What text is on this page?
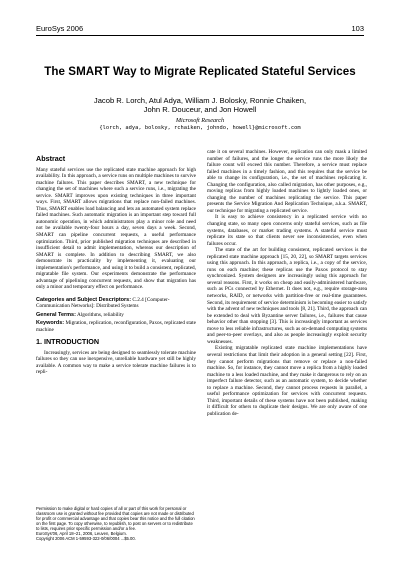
EuroSys 2006	103
The SMART Way to Migrate Replicated Stateful Services
Jacob R. Lorch, Atul Adya, William J. Bolosky, Ronnie Chaiken,
John R. Douceur, and Jon Howell
Microsoft Research
{lorch, adya, bolosky, rchaiken, johndo, howell}@microsoft.com
Abstract

Many stateful services use the replicated state machine approach for high availability. In this approach, a service runs on multiple machines to survive machine failures. This paper describes SMART, a new technique for changing the set of machines where such a service runs, i.e., migrating the service. SMART improves upon existing techniques in three important ways. First, SMART allows migrations that replace non-failed machines. Thus, SMART enables load balancing and lets an automated system replace failed machines. Such automatic migration is an important step toward full autonomic operation, in which administrators play a minor role and need not be available twenty-four hours a day, seven days a week. Second, SMART can pipeline concurrent requests, a useful performance optimization. Third, prior published migration techniques are described in insufficient detail to admit implementation, whereas our description of SMART is complete. In addition to describing SMART, we also demonstrate its practicality by implementing it, evaluating our implementation's performance, and using it to build a consistent, replicated, migratable file system. Our experiments demonstrate the performance advantage of pipelining concurrent requests, and show that migration has only a minor and temporary effect on performance.

Categories and Subject Descriptors: C.2.4 [Computer-Communication Networks]: Distributed Systems
General Terms: Algorithms, reliability
Keywords: Migration, replication, reconfiguration, Paxos, replicated state machine
1. INTRODUCTION

Increasingly, services are being designed to seamlessly tolerate machine failures so they can use inexpensive, unreliable hardware yet still be highly available. A common way to make a service tolerate machine failures is to repli-

Permission to make digital or hard copies of all or part of this work for personal or classroom use is granted without fee provided that copies are not made or distributed for profit or commercial advantage and that copies bear this notice and the full citation on the first page. To copy otherwise, to republish, to post on servers or to redistribute to lists, requires prior specific permission and/or a fee.
EuroSys'06, April 18–21, 2006, Leuven, Belgium.
Copyright 2006 ACM 1-59593-322-0/06/0004 ...$5.00.

cate it on several machines. However, replication can only mask a limited number of failures, and the longer the service runs the more likely the failure count will exceed this number. Therefore, a service must replace failed machines in a timely fashion, and this requires that the service be able to change its configuration, i.e., the set of machines replicating it. Changing the configuration, also called migration, has other purposes, e.g., moving replicas from highly loaded machines to lightly loaded ones, or changing the number of machines replicating the service. This paper presents the Service Migration And Replication Technique, a.k.a. SMART, our technique for migrating a replicated service.

It is easy to achieve consistency in a replicated service with no changing state, so many open concerns only stateful services, such as file systems, databases, or market trading systems. A stateful service must replicate its state so that clients never see inconsistencies, even when failures occur.

The state of the art for building consistent, replicated services is the replicated state machine approach [15, 20, 22], so SMART targets services using this approach. In this approach, a replica, i.e., a copy of the service, runs on each machine; these replicas use the Paxos protocol to stay synchronized. System designers are increasingly using this approach for several reasons. First, it works on cheap and easily-administered hardware, such as PCs connected by Ethernet. It does not, e.g., require storage-area networks, RAID, or networks with partition-free or real-time guarantees. Second, its requirement of service determinism is becoming easier to satisfy with the advent of new techniques and tools [8, 21]. Third, the approach can be extended to deal with Byzantine server failures, i.e., failures that cause behavior other than stopping [3]. This is increasingly important as services move to less reliable infrastructures, such as on-demand computing systems and peer-to-peer overlays, and also as people increasingly exploit security weaknesses.

Existing migratable replicated state machine implementations have several restrictions that limit their adoption in a general setting [22]. First, they cannot perform migrations that remove or replace a non-failed machine. So, for instance, they cannot move a replica from a highly loaded machine to a less loaded machine, and they make it dangerous to rely on an imperfect failure detector, such as an automatic system, to decide whether to replace a machine. Second, they cannot process requests in parallel, a useful performance optimization for services with concurrent requests. Third, important details of these systems have not been published, making it difficult for others to duplicate their designs. We are only aware of one publication de-
